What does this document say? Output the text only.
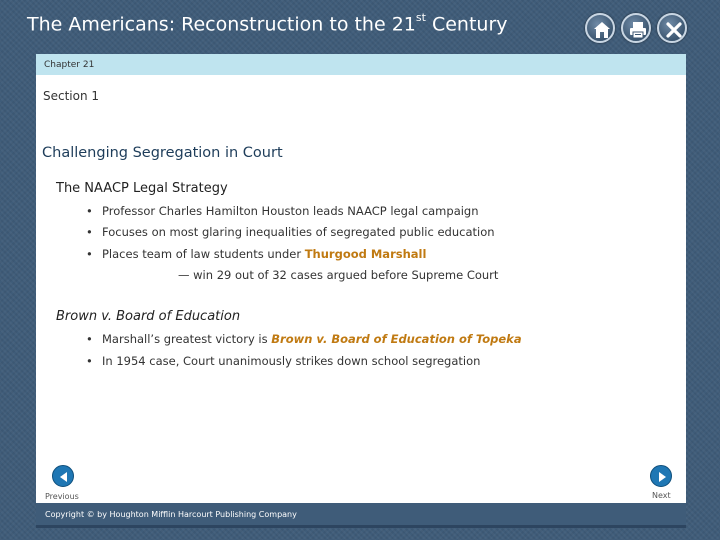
The Americans: Reconstruction to the 21st Century
Chapter 21
Section 1
Challenging Segregation in Court
The NAACP Legal Strategy
• Professor Charles Hamilton Houston leads NAACP legal campaign
• Focuses on most glaring inequalities of segregated public education
• Places team of law students under Thurgood Marshall
— win 29 out of 32 cases argued before Supreme Court
Brown v. Board of Education
• Marshall’s greatest victory is Brown v. Board of Education of Topeka
• In 1954 case, Court unanimously strikes down school segregation
Previous	Next
Copyright © by Houghton Mifflin Harcourt Publishing Company
